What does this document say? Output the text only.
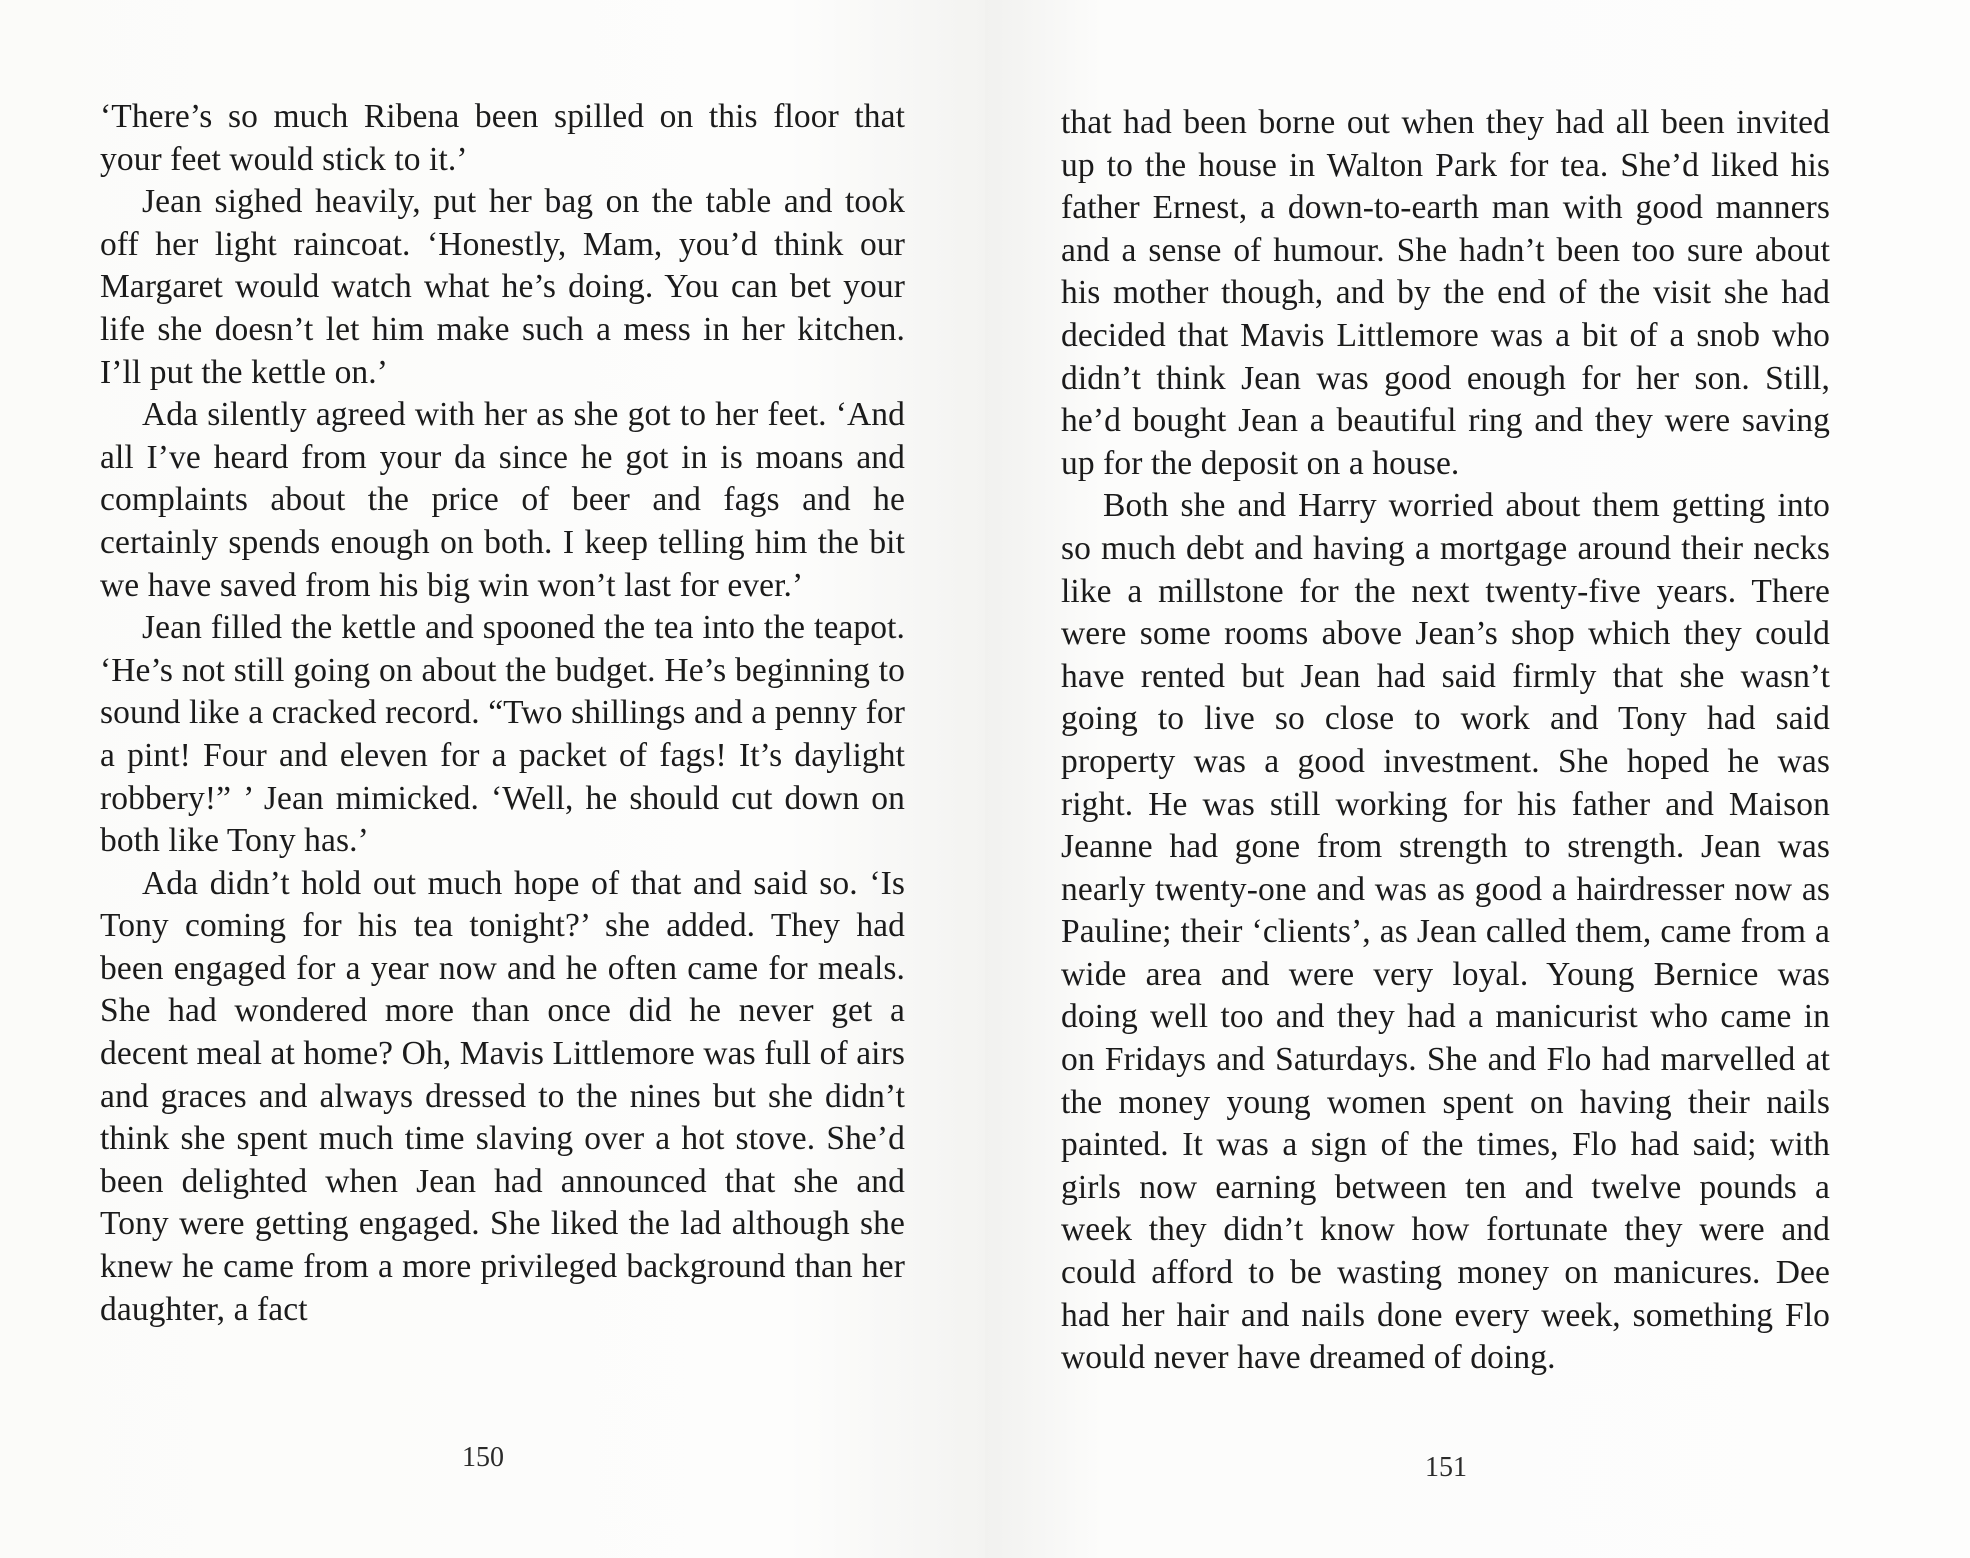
‘There’s so much Ribena been spilled on this floor that your feet would stick to it.’

Jean sighed heavily, put her bag on the table and took off her light raincoat. ‘Honestly, Mam, you’d think our Margaret would watch what he’s doing. You can bet your life she doesn’t let him make such a mess in her kitchen. I’ll put the kettle on.’

Ada silently agreed with her as she got to her feet. ‘And all I’ve heard from your da since he got in is moans and complaints about the price of beer and fags and he certainly spends enough on both. I keep telling him the bit we have saved from his big win won’t last for ever.’

Jean filled the kettle and spooned the tea into the teapot. ‘He’s not still going on about the budget. He’s beginning to sound like a cracked record. “Two shillings and a penny for a pint! Four and eleven for a packet of fags! It’s daylight robbery!” ’ Jean mimicked. ‘Well, he should cut down on both like Tony has.’

Ada didn’t hold out much hope of that and said so. ‘Is Tony coming for his tea tonight?’ she added. They had been engaged for a year now and he often came for meals. She had wondered more than once did he never get a decent meal at home? Oh, Mavis Littlemore was full of airs and graces and always dressed to the nines but she didn’t think she spent much time slaving over a hot stove. She’d been delighted when Jean had announced that she and Tony were getting engaged. She liked the lad although she knew he came from a more privileged background than her daughter, a fact

150

that had been borne out when they had all been invited up to the house in Walton Park for tea. She’d liked his father Ernest, a down-to-earth man with good manners and a sense of humour. She hadn’t been too sure about his mother though, and by the end of the visit she had decided that Mavis Littlemore was a bit of a snob who didn’t think Jean was good enough for her son. Still, he’d bought Jean a beautiful ring and they were saving up for the deposit on a house.

Both she and Harry worried about them getting into so much debt and having a mortgage around their necks like a millstone for the next twenty-five years. There were some rooms above Jean’s shop which they could have rented but Jean had said firmly that she wasn’t going to live so close to work and Tony had said property was a good investment. She hoped he was right. He was still working for his father and Maison Jeanne had gone from strength to strength. Jean was nearly twenty-one and was as good a hairdresser now as Pauline; their ‘clients’, as Jean called them, came from a wide area and were very loyal. Young Bernice was doing well too and they had a manicurist who came in on Fridays and Saturdays. She and Flo had marvelled at the money young women spent on having their nails painted. It was a sign of the times, Flo had said; with girls now earning between ten and twelve pounds a week they didn’t know how fortunate they were and could afford to be wasting money on manicures. Dee had her hair and nails done every week, something Flo would never have dreamed of doing.

151
